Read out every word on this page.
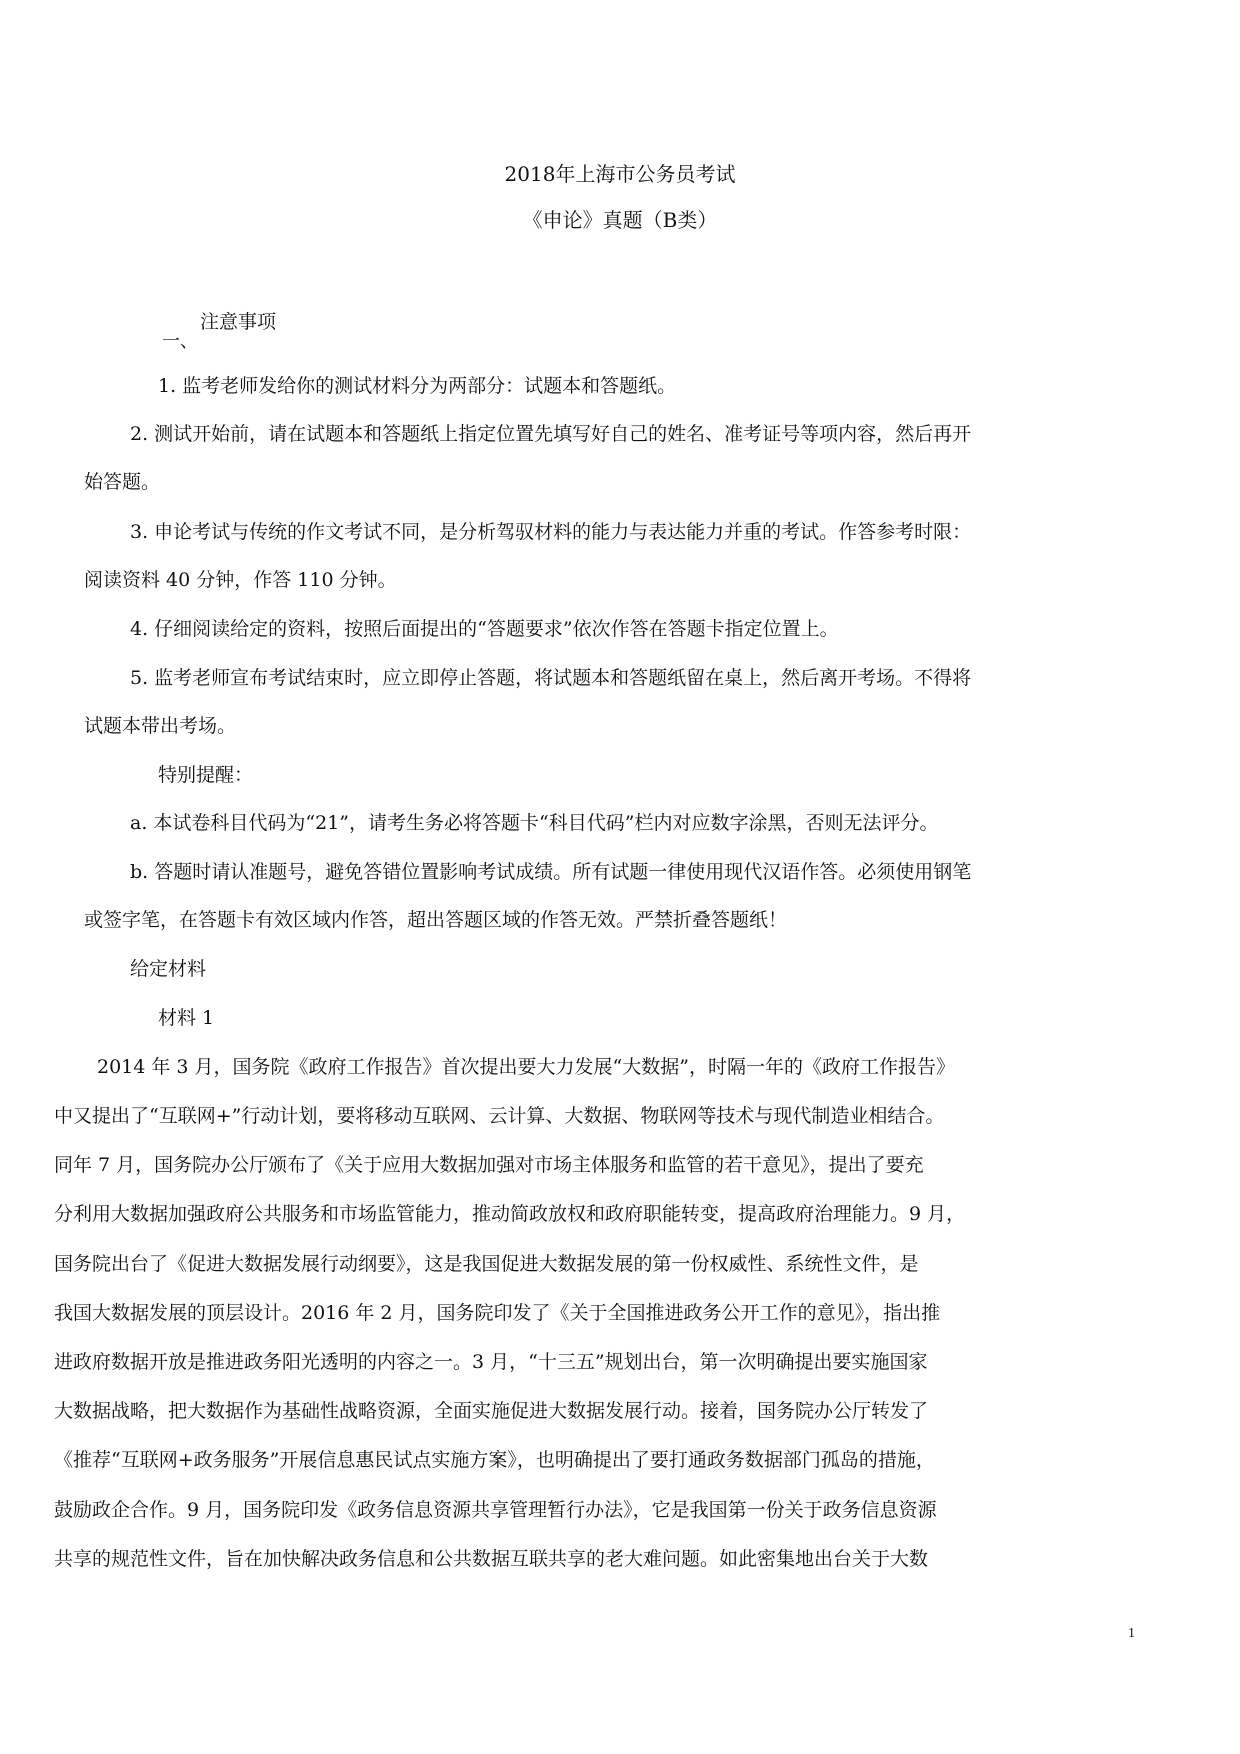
2018年上海市公务员考试
《申论》真题（B类）
注意事项
一、
1. 监考老师发给你的测试材料分为两部分：试题本和答题纸。
2. 测试开始前，请在试题本和答题纸上指定位置先填写好自己的姓名、准考证号等项内容，然后再开
始答题。
3. 申论考试与传统的作文考试不同，是分析驾驭材料的能力与表达能力并重的考试。作答参考时限：
阅读资料 40 分钟，作答 110 分钟。
4. 仔细阅读给定的资料，按照后面提出的“答题要求”依次作答在答题卡指定位置上。
5. 监考老师宣布考试结束时，应立即停止答题，将试题本和答题纸留在桌上，然后离开考场。不得将
试题本带出考场。
特别提醒：
a. 本试卷科目代码为“21”，请考生务必将答题卡“科目代码”栏内对应数字涂黑，否则无法评分。
b. 答题时请认准题号，避免答错位置影响考试成绩。所有试题一律使用现代汉语作答。必须使用钢笔
或签字笔，在答题卡有效区域内作答，超出答题区域的作答无效。严禁折叠答题纸！
给定材料
材料 1
2014 年 3 月，国务院《政府工作报告》首次提出要大力发展“大数据”，时隔一年的《政府工作报告》
中又提出了“互联网+”行动计划，要将移动互联网、云计算、大数据、物联网等技术与现代制造业相结合。
同年 7 月，国务院办公厅颁布了《关于应用大数据加强对市场主体服务和监管的若干意见》，提出了要充
分利用大数据加强政府公共服务和市场监管能力，推动简政放权和政府职能转变，提高政府治理能力。9 月，
国务院出台了《促进大数据发展行动纲要》，这是我国促进大数据发展的第一份权威性、系统性文件，是
我国大数据发展的顶层设计。2016 年 2 月，国务院印发了《关于全国推进政务公开工作的意见》，指出推
进政府数据开放是推进政务阳光透明的内容之一。3 月，“十三五”规划出台，第一次明确提出要实施国家
大数据战略，把大数据作为基础性战略资源，全面实施促进大数据发展行动。接着，国务院办公厅转发了
《推荐“互联网+政务服务”开展信息惠民试点实施方案》，也明确提出了要打通政务数据部门孤岛的措施，
鼓励政企合作。9 月，国务院印发《政务信息资源共享管理暂行办法》，它是我国第一份关于政务信息资源
共享的规范性文件，旨在加快解决政务信息和公共数据互联共享的老大难问题。如此密集地出台关于大数
1
